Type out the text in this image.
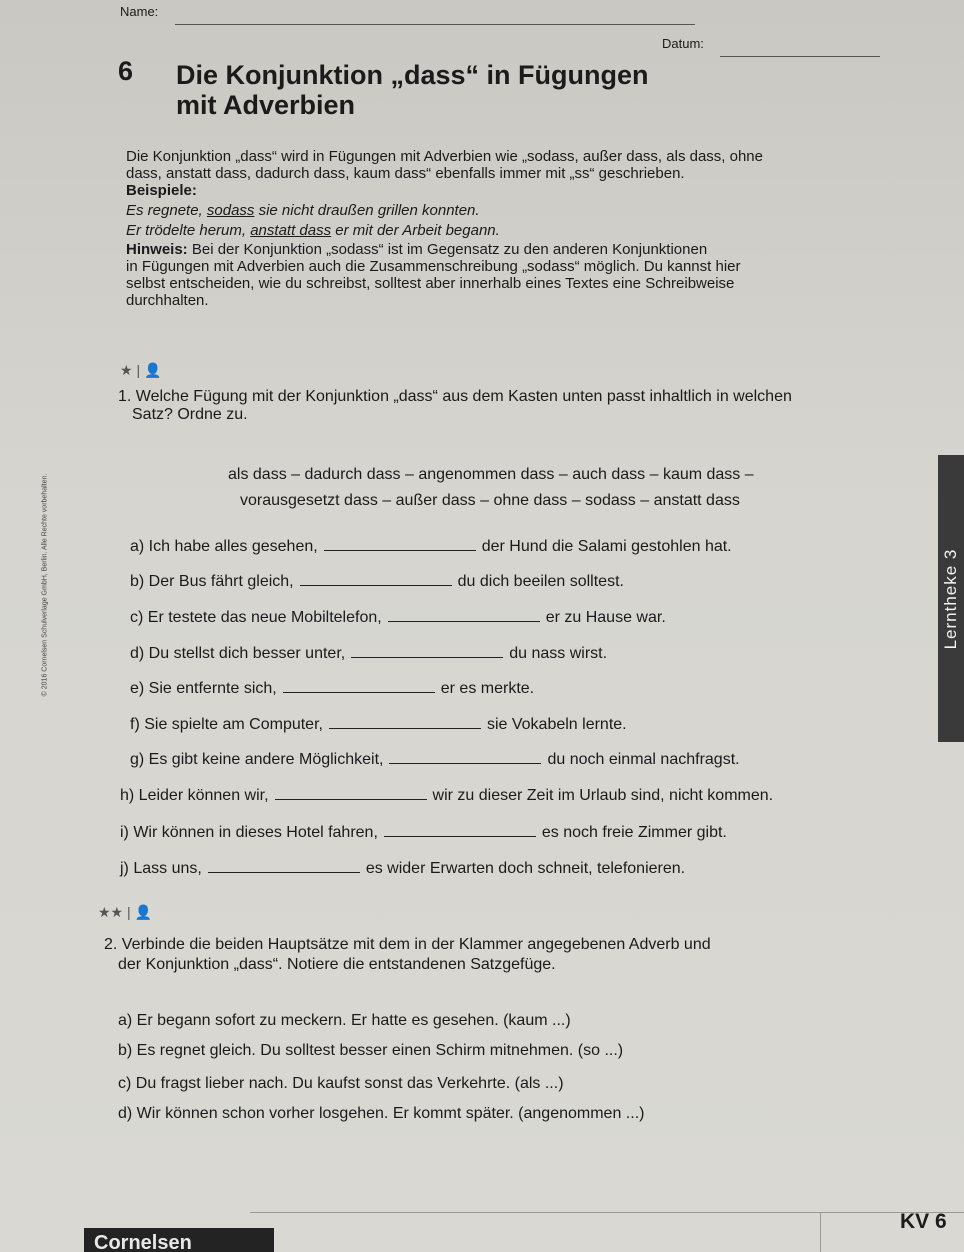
Name:
Datum:
6 Die Konjunktion „dass“ in Fügungen
mit Adverbien
Die Konjunktion „dass“ wird in Fügungen mit Adverbien wie „sodass, außer dass, als dass, ohne
dass, anstatt dass, dadurch dass, kaum dass“ ebenfalls immer mit „ss“ geschrieben.
Beispiele:
Es regnete, sodass sie nicht draußen grillen konnten.
Er trödelte herum, anstatt dass er mit der Arbeit begann.
Hinweis: Bei der Konjunktion „sodass“ ist im Gegensatz zu den anderen Konjunktionen
in Fügungen mit Adverbien auch die Zusammenschreibung „sodass“ möglich. Du kannst hier
selbst entscheiden, wie du schreibst, solltest aber innerhalb eines Textes eine Schreibweise
durchhalten.
★ | 👤
1. Welche Fügung mit der Konjunktion „dass“ aus dem Kasten unten passt inhaltlich in welchen
Satz? Ordne zu.
als dass – dadurch dass – angenommen dass – auch dass – kaum dass –
vorausgesetzt dass – außer dass – ohne dass – sodass – anstatt dass
a) Ich habe alles gesehen,	der Hund die Salami gestohlen hat.
b) Der Bus fährt gleich,	du dich beeilen solltest.
c) Er testete das neue Mobiltelefon,	er zu Hause war.
d) Du stellst dich besser unter,	du nass wirst.
e) Sie entfernte sich,	er es merkte.
f) Sie spielte am Computer,	sie Vokabeln lernte.
g) Es gibt keine andere Möglichkeit,	du noch einmal nachfragst.
h) Leider können wir,	wir zu dieser Zeit im Urlaub sind, nicht kommen.
i) Wir können in dieses Hotel fahren,	es noch freie Zimmer gibt.
j) Lass uns,	es wider Erwarten doch schneit, telefonieren.
★★ | 👤
2. Verbinde die beiden Hauptsätze mit dem in der Klammer angegebenen Adverb und
der Konjunktion „dass“. Notiere die entstandenen Satzgefüge.
a) Er begann sofort zu meckern. Er hatte es gesehen. (kaum ...)
b) Es regnet gleich. Du solltest besser einen Schirm mitnehmen. (so ...)
c) Du fragst lieber nach. Du kaufst sonst das Verkehrte. (als ...)
d) Wir können schon vorher losgehen. Er kommt später. (angenommen ...)
Lernthek​e 3
© 2016 Cornelsen Schulverlage GmbH, Berlin. Alle Rechte vorbehalten.
Cornelsen
KV 6
